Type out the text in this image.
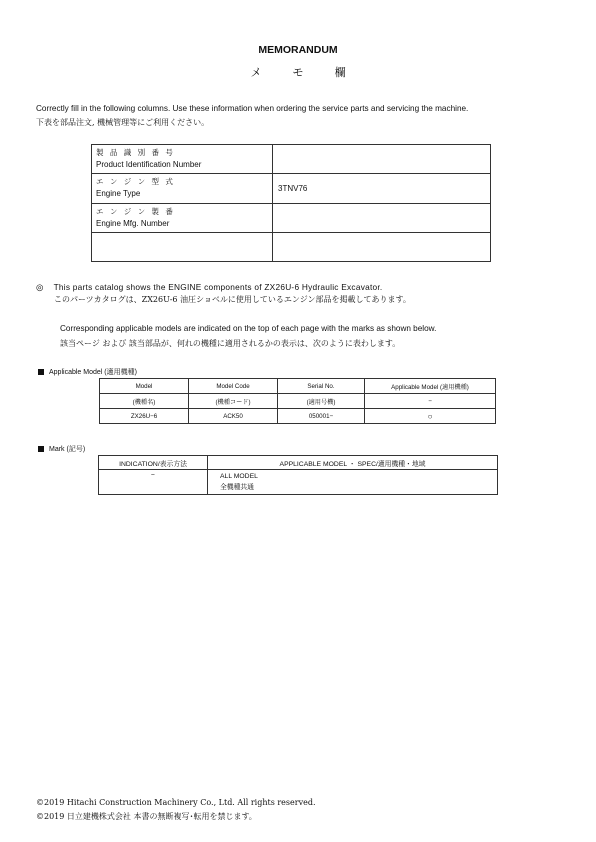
MEMORANDUM
メ	モ	欄
Correctly fill in the following columns. Use these information when ordering the service parts and servicing the machine.
下表を部品注文, 機械管理等にご利用ください。
製 品 識 別 番 号
Product Identification Number	

エ ン ジ ン 型 式
Engine Type	3TNV76

エ ン ジ ン 製 番
Engine Mfg. Number	

◎ This parts catalog shows the ENGINE components of ZX26U-6 Hydraulic Excavator.
このパーツカタログは、ZX26U-6 油圧ショベルに使用しているエンジン部品を掲載してあります。
Corresponding applicable models are indicated on the top of each page with the marks as shown below.
該当ページ および 該当部品が、何れの機種に適用されるかの表示は、次のように表わします。
Applicable Model (適用機種)
Model	Model Code	Serial No.	Applicable Model (適用機種)
(機種名)	(機種コード)	(適用号機)	−
ZX26U−6	ACK50	050001−	○
Mark (記号)
INDICATION/表示方法	APPLICABLE MODEL ・ SPEC/適用機種・地域
−	ALL MODEL
全機種共通
©2019 Hitachi Construction Machinery Co., Ltd. All rights reserved.
©2019 日立建機株式会社 本書の無断複写･転用を禁じます。
